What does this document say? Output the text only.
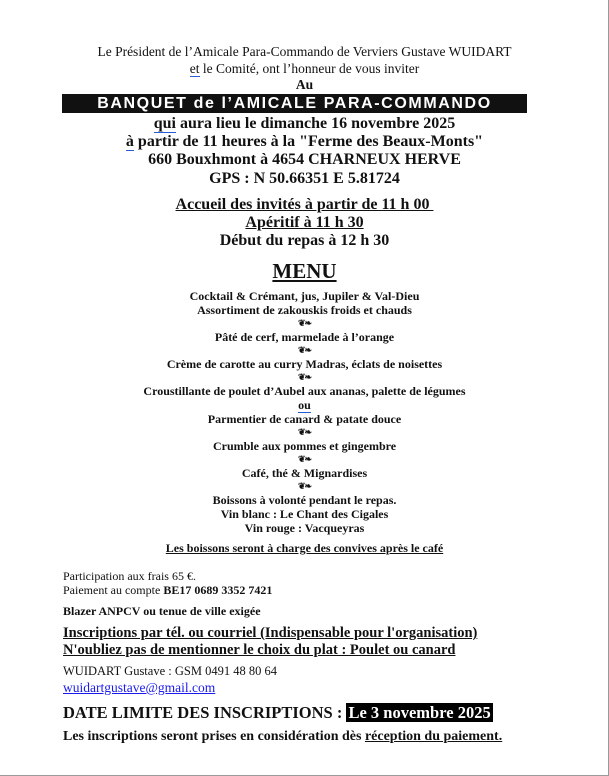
Le Président de l’Amicale Para-Commando de Verviers Gustave WUIDART
et le Comité, ont l’honneur de vous inviter
Au
BANQUET de l’AMICALE PARA-COMMANDO
qui aura lieu le dimanche 16 novembre 2025
à partir de 11 heures à la "Ferme des Beaux-Monts"
660 Bouxhmont à 4654 CHARNEUX HERVE
GPS : N 50.66351 E 5.81724
Accueil des invités à partir de 11 h 00
Apéritif à 11 h 30
Début du repas à 12 h 30
MENU
Cocktail & Crémant, jus, Jupiler & Val-Dieu
Assortiment de zakouskis froids et chauds
❦❧
Pâté de cerf, marmelade à l’orange
❦❧
Crème de carotte au curry Madras, éclats de noisettes
❦❧
Croustillante de poulet d’Aubel aux ananas, palette de légumes
ou
Parmentier de canard & patate douce
❦❧
Crumble aux pommes et gingembre
❦❧
Café, thé & Mignardises
❦❧
Boissons à volonté pendant le repas.
Vin blanc : Le Chant des Cigales
Vin rouge : Vacqueyras
Les boissons seront à charge des convives après le café
Participation aux frais 65 €.
Paiement au compte BE17 0689 3352 7421
Blazer ANPCV ou tenue de ville exigée
Inscriptions par tél. ou courriel (Indispensable pour l'organisation)
N'oubliez pas de mentionner le choix du plat : Poulet ou canard
WUIDART Gustave : GSM 0491 48 80 64
wuidartgustave@gmail.com
DATE LIMITE DES INSCRIPTIONS : Le 3 novembre 2025
Les inscriptions seront prises en considération dès réception du paiement.
